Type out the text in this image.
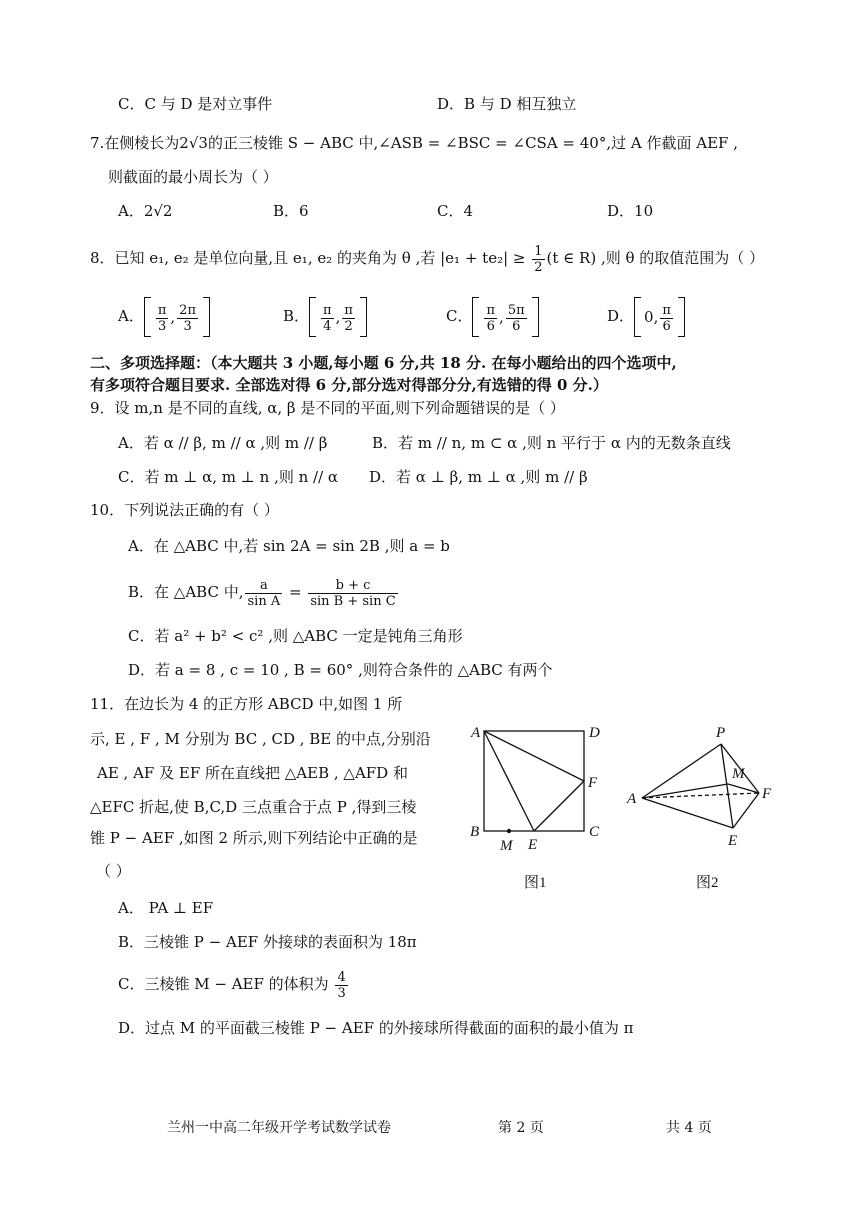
C．C 与 D 是对立事件	D．B 与 D 相互独立
7.在侧棱长为2√3的正三棱锥 S − ABC 中,∠ASB = ∠BSC = ∠CSA = 40°,过 A 作截面 AEF ,
则截面的最小周长为（ ）
A．2√2	B．6	C．4	D．10
8．已知 e₁, e₂ 是单位向量,且 e₁, e₂ 的夹角为 θ ,若 $|e_1 + te_2| \ge \frac{1}{2} (t$ ∈ R) ,则 θ 的取值范围为（ ）
A． $\frac{\pi}{3}$ , $\frac{2\pi}{3}$	B． $\frac{\pi}{4}$ , $\frac{\pi}{2}$	C． $\frac{\pi}{6}$ , $\frac{5\pi}{6}$	D． 0, $\frac{\pi}{6}$
二、多项选择题：（本大题共 3 小题,每小题 6 分,共 18 分. 在每小题给出的四个选项中,
有多项符合题目要求. 全部选对得 6 分,部分选对得部分分,有选错的得 0 分.）
9．设 m,n 是不同的直线, α, β 是不同的平面,则下列命题错误的是（ ）
A．若 α // β, m // α ,则 m // β	B．若 m // n, m ⊂ α ,则 n 平行于 α 内的无数条直线
C．若 m ⊥ α, m ⊥ n ,则 n // α D．若 α ⊥ β, m ⊥ α ,则 m // β
10．下列说法正确的有（ ）
A．在 △ABC 中,若 sin 2A = sin 2B ,则 a = b
B．在 △ABC 中, $\frac{a}{\text{sin A}} = \frac{b + c}{\text{sin B + sin C}}$
C．若 a² + b² < c² ,则 △ABC 一定是钝角三角形
D．若 a = 8 , c = 10 , B = 60° ,则符合条件的 △ABC 有两个
11．在边长为 4 的正方形 ABCD 中,如图 1 所
示, E , F , M 分别为 BC , CD , BE 的中点,分别沿
AE , AF 及 EF 所在直线把 △AEB , △AFD 和
△EFC 折起,使 B,C,D 三点重合于点 P ,得到三棱
锥 P − AEF ,如图 2 所示,则下列结论中正确的是
（ ）
A． PA ⊥ EF
B．三棱锥 P − AEF 外接球的表面积为 18π
C．三棱锥 M − AEF 的体积为 $\frac{4}{3}$
D．过点 M 的平面截三棱锥 P − AEF 的外接球所得截面的面积的最小值为 π
A	D
F
B	C
E
M
图1
P
M
A	F
E
图2
兰州一中高二年级开学考试数学试卷	第 2 页	共 4 页
